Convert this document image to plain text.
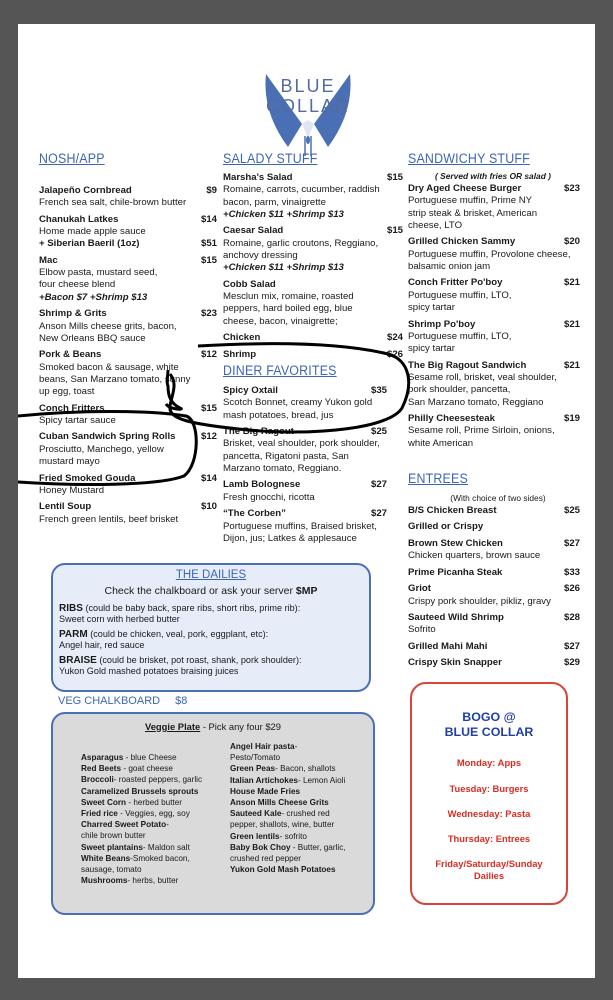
BLUE
COLLAR
NOSH/APP	SALADY STUFF	SANDWICHY STUFF
DINER FAVORITES
ENTREES
Jalapeño Cornbread	$9
French sea salt, chile-brown butter
Chanukah Latkes	$14
Home made apple sauce
+ Siberian Baeril (1oz)	$51
Mac	$15
Elbow pasta, mustard seed,
four cheese blend
+Bacon $7 +Shrimp $13
Shrimp & Grits	$23
Anson Mills cheese grits, bacon,
New Orleans BBQ sauce
Pork & Beans	$12
Smoked bacon & sausage, white
beans, San Marzano tomato, sunny
up egg, toast
Conch Fritters	$15
Spicy tartar sauce
Cuban Sandwich Spring Rolls	$12
Prosciutto, Manchego, yellow
mustard mayo
Fried Smoked Gouda	$14
Honey Mustard
Lentil Soup	$10
French green lentils, beef brisket
Marsha's Salad	$15
Romaine, carrots, cucumber, raddish
bacon, parm, vinaigrette
+Chicken $11 +Shrimp $13
Caesar Salad	$15
Romaine, garlic croutons, Reggiano,
anchovy dressing
+Chicken $11 +Shrimp $13
Cobb Salad
Mesclun mix, romaine, roasted
peppers, hard boiled egg, blue
cheese, bacon, vinaigrette;
Chicken	$24
Shrimp	$26
Spicy Oxtail	$35
Scotch Bonnet, creamy Yukon gold
mash potatoes, bread, jus
The Big Ragout	$25
Brisket, veal shoulder, pork shoulder,
pancetta, Rigatoni pasta, San
Marzano tomato, Reggiano.
Lamb Bolognese	$27
Fresh gnocchi, ricotta
“The Corben”	$27
Portuguese muffins, Braised brisket,
Dijon, jus; Latkes & applesauce
( Served with fries OR salad )
Dry Aged Cheese Burger	$23
Portuguese muffin, Prime NY
strip steak & brisket, American
cheese, LTO
Grilled Chicken Sammy	$20
Portuguese muffin, Provolone cheese,
balsamic onion jam
Conch Fritter Po'boy	$21
Portuguese muffin, LTO,
spicy tartar
Shrimp Po'boy	$21
Portuguese muffin, LTO,
spicy tartar
The Big Ragout Sandwich	$21
Sesame roll, brisket, veal shoulder,
pork shoulder, pancetta,
San Marzano tomato, Reggiano
Philly Cheesesteak	$19
Sesame roll, Prime Sirloin, onions,
white American
(With choice of two sides)
B/S Chicken Breast	$25
Grilled or Crispy
Brown Stew Chicken	$27
Chicken quarters, brown sauce
Prime Picanha Steak	$33
Griot	$26
Crispy pork shoulder, pikliz, gravy
Sauteed Wild Shrimp	$28
Sofrito
Grilled Mahi Mahi	$27
Crispy Skin Snapper	$29
THE DAILIES
Check the chalkboard or ask your server $MP
RIBS (could be baby back, spare ribs, short ribs, prime rib):
Sweet corn with herbed butter
PARM (could be chicken, veal, pork, eggplant, etc):
Angel hair, red sauce
BRAISE (could be brisket, pot roast, shank, pork shoulder):
Yukon Gold mashed potatoes braising juices
VEG CHALKBOARD $8
Veggie Plate - Pick any four $29
Asparagus - blue Cheese
Red Beets - goat cheese
Broccoli- roasted peppers, garlic
Caramelized Brussels sprouts
Sweet Corn - herbed butter
Fried rice - Veggies, egg, soy
Charred Sweet Potato-
chile brown butter
Sweet plantains- Maldon salt
White Beans-Smoked bacon,
sausage, tomato
Mushrooms- herbs, butter
Angel Hair pasta-
Pesto/Tomato
Green Peas- Bacon, shallots
Italian Artichokes- Lemon Aioli
House Made Fries
Anson Mills Cheese Grits
Sauteed Kale- crushed red
pepper, shallots, wine, butter
Green lentils- sofrito
Baby Bok Choy - Butter, garlic,
crushed red pepper
Yukon Gold Mash Potatoes
BOGO @
BLUE COLLAR
Monday: Apps
Tuesday: Burgers
Wednesday: Pasta
Thursday: Entrees
Friday/Saturday/Sunday
Dailies
